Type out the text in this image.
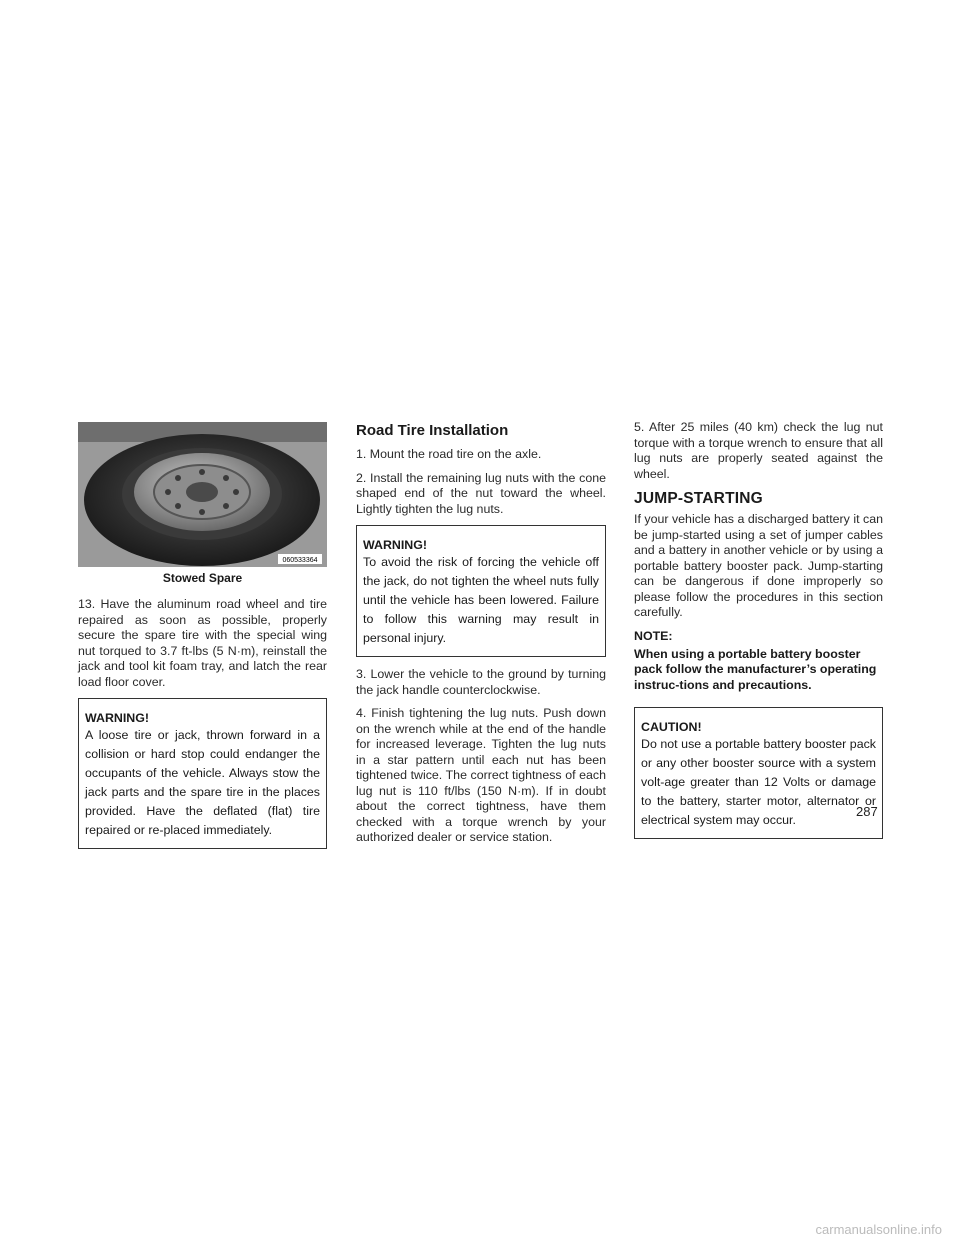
060533364
Stowed Spare

13. Have the aluminum road wheel and tire repaired as soon as possible, properly secure the spare tire with the special wing nut torqued to 3.7 ft-lbs (5 N·m), reinstall the jack and tool kit foam tray, and latch the rear load floor cover.

WARNING!
A loose tire or jack, thrown forward in a collision or hard stop could endanger the occupants of the vehicle. Always stow the jack parts and the spare tire in the places provided. Have the deflated (flat) tire repaired or re-placed immediately.
Road Tire Installation

1. Mount the road tire on the axle.

2. Install the remaining lug nuts with the cone shaped end of the nut toward the wheel. Lightly tighten the lug nuts.

WARNING!
To avoid the risk of forcing the vehicle off the jack, do not tighten the wheel nuts fully until the vehicle has been lowered. Failure to follow this warning may result in personal injury.

3. Lower the vehicle to the ground by turning the jack handle counterclockwise.

4. Finish tightening the lug nuts. Push down on the wrench while at the end of the handle for increased leverage. Tighten the lug nuts in a star pattern until each nut has been tightened twice. The correct tightness of each lug nut is 110 ft/lbs (150 N·m). If in doubt about the correct tightness, have them checked with a torque wrench by your authorized dealer or service station.

5. After 25 miles (40 km) check the lug nut torque with a torque wrench to ensure that all lug nuts are properly seated against the wheel.

JUMP-STARTING

If your vehicle has a discharged battery it can be jump-started using a set of jumper cables and a battery in another vehicle or by using a portable battery booster pack. Jump-starting can be dangerous if done improperly so please follow the procedures in this section carefully.

NOTE:
When using a portable battery booster pack follow the manufacturer’s operating instruc-tions and precautions.
CAUTION!
Do not use a portable battery booster pack or any other booster source with a system volt-age greater than 12 Volts or damage to the battery, starter motor, alternator or electrical system may occur.
287
carmanualsonline.info
